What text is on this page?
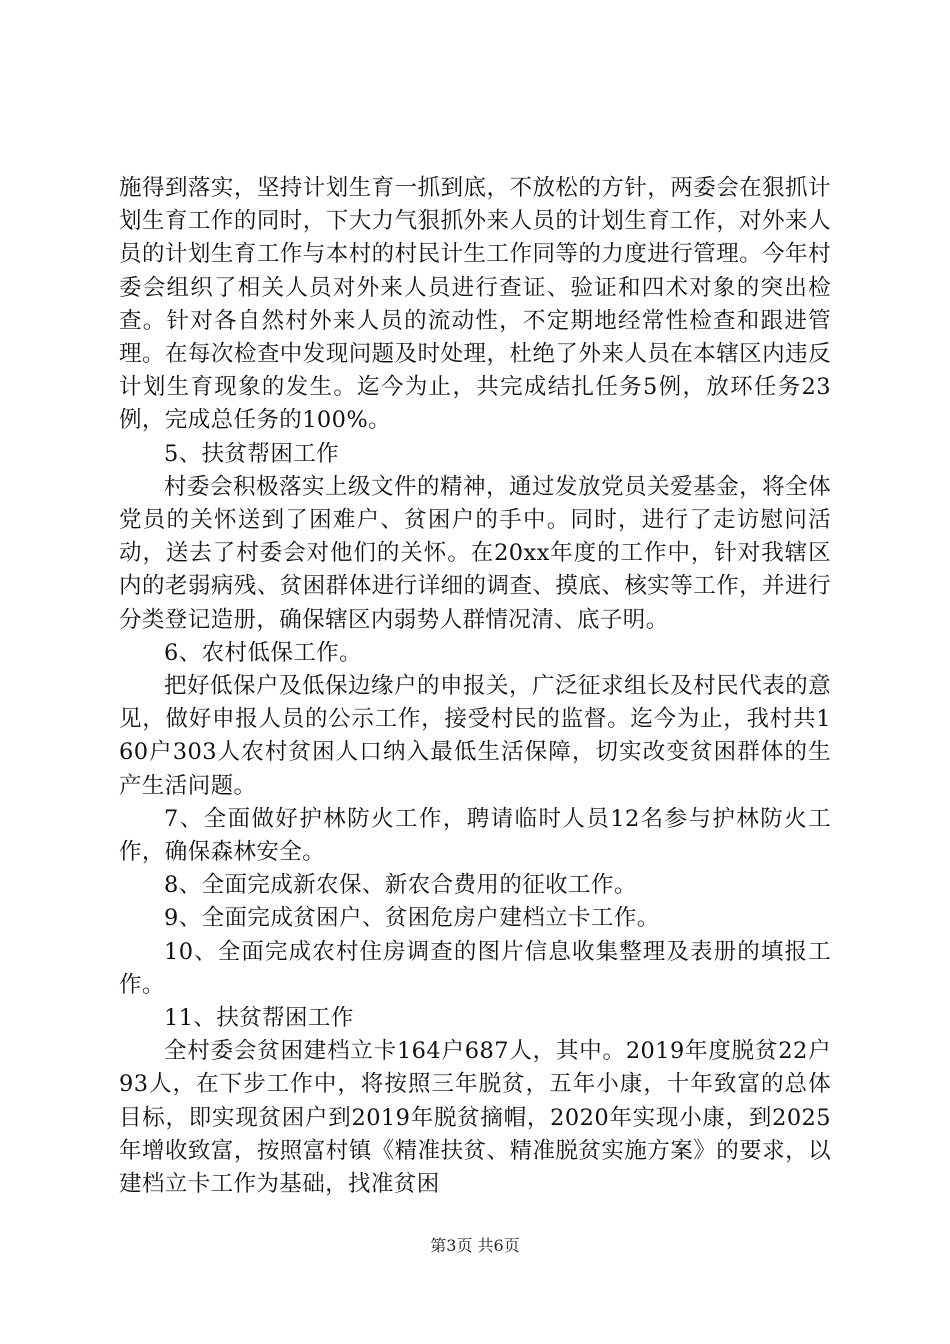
施得到落实，坚持计划生育一抓到底，不放松的方针，两委会在狠抓计划生育工作的同时，下大力气狠抓外来人员的计划生育工作，对外来人员的计划生育工作与本村的村民计生工作同等的力度进行管理。今年村委会组织了相关人员对外来人员进行查证、验证和四术对象的突出检查。针对各自然村外来人员的流动性，不定期地经常性检查和跟进管理。在每次检查中发现问题及时处理，杜绝了外来人员在本辖区内违反计划生育现象的发生。迄今为止，共完成结扎任务5例，放环任务23例，完成总任务的100%。

5、扶贫帮困工作

村委会积极落实上级文件的精神，通过发放党员关爱基金，将全体党员的关怀送到了困难户、贫困户的手中。同时，进行了走访慰问活动，送去了村委会对他们的关怀。在20xx年度的工作中，针对我辖区内的老弱病残、贫困群体进行详细的调查、摸底、核实等工作，并进行分类登记造册，确保辖区内弱势人群情况清、底子明。

6、农村低保工作。

把好低保户及低保边缘户的申报关，广泛征求组长及村民代表的意见，做好申报人员的公示工作，接受村民的监督。迄今为止，我村共160户303人农村贫困人口纳入最低生活保障，切实改变贫困群体的生产生活问题。

7、全面做好护林防火工作，聘请临时人员12名参与护林防火工作，确保森林安全。

8、全面完成新农保、新农合费用的征收工作。

9、全面完成贫困户、贫困危房户建档立卡工作。

10、全面完成农村住房调查的图片信息收集整理及表册的填报工作。

11、扶贫帮困工作

全村委会贫困建档立卡164户687人，其中。2019年度脱贫22户93人，在下步工作中，将按照三年脱贫，五年小康，十年致富的总体目标，即实现贫困户到2019年脱贫摘帽，2020年实现小康，到2025年增收致富，按照富村镇《精准扶贫、精准脱贫实施方案》的要求，以建档立卡工作为基础，找准贫困

第3页 共6页
